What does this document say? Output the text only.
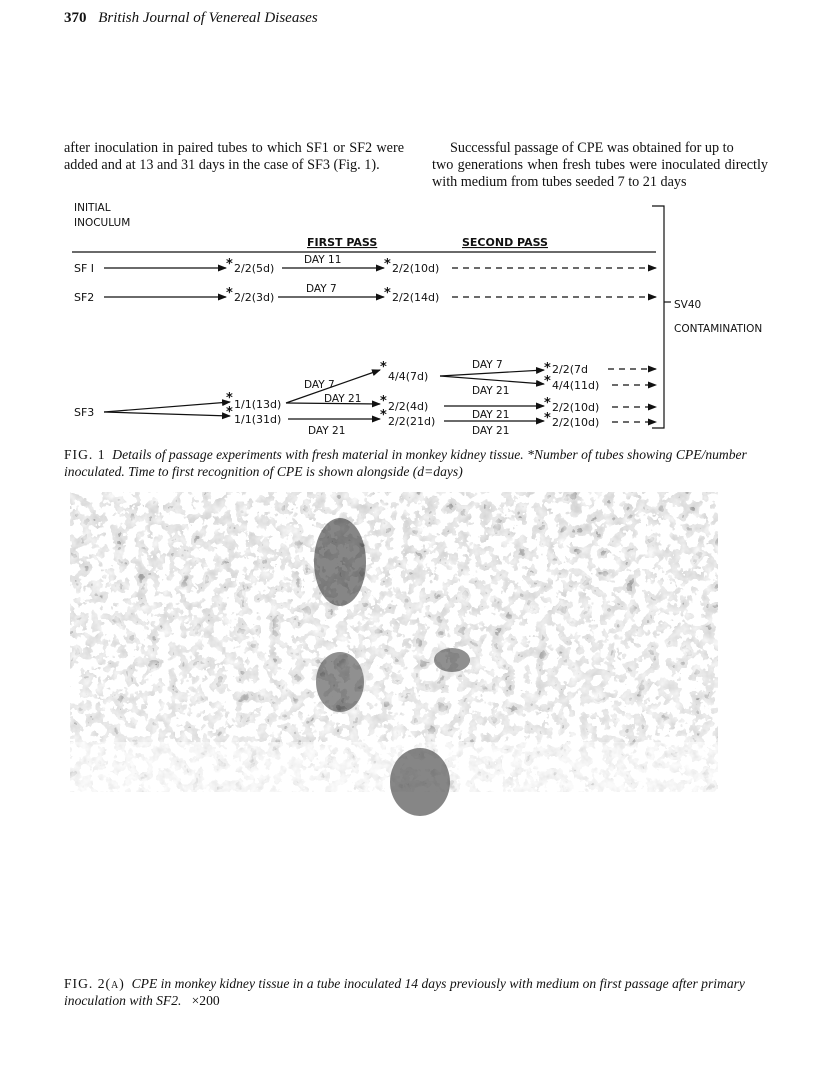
370 British Journal of Venereal Diseases
after inoculation in paired tubes to which SF1 or SF2 were added and at 13 and 31 days in the case of SF3 (Fig. 1).
Successful passage of CPE was obtained for up to
two generations when fresh tubes were inoculated directly with medium from tubes seeded 7 to 21 days
INITIAL
INOCULUM
FIRST PASS	SECOND PASS
SV40
CONTAMINATION
SF I	* 2/2(5d)
DAY 11	* 2/2(10d)
SF2	* 2/2(3d)
DAY 7	* 2/2(14d)
SF3
* 1/1(13d)
* 1/1(31d)
DAY 7
DAY 21
DAY 21
*
4/4(7d)
* 2/2(4d)
* 2/2(21d)
DAY 7
DAY 21
DAY 21
DAY 21
* 2/2(7d
* 4/4(11d)
* 2/2(10d)
* 2/2(10d)
FIG. 1 Details of passage experiments with fresh material in monkey kidney tissue. *Number of tubes showing CPE/number inoculated. Time to first recognition of CPE is shown alongside (d=days)
FIG. 2(a) CPE in monkey kidney tissue in a tube inoculated 14 days previously with medium on first passage after primary inoculation with SF2. ×200
